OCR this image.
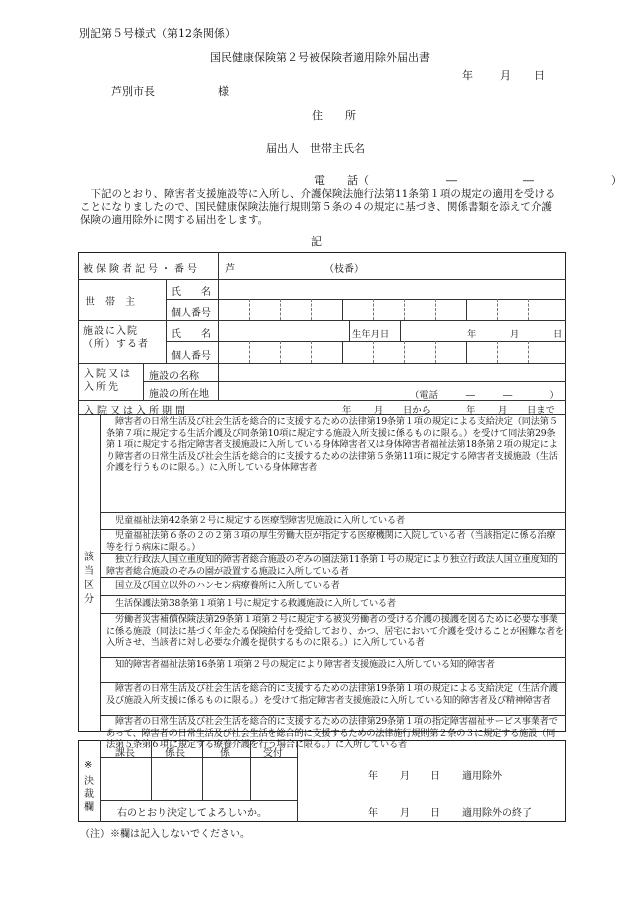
別記第５号様式（第12条関係）
国民健康保険第２号被保険者適用除外届出書
年 月 日
芦別市長	様
住　　所
届出人　世帯主氏名
電　　話（　　　　　　　―　　　　　　―　　　　　　　）
　下記のとおり、障害者支援施設等に入所し、介護保険法施行法第11条第１項の規定の適用を受けることになりましたので、国民健康保険法施行規則第５条の４の規定に基づき、関係書類を添えて介護保険の適用除外に関する届出をします。
記
被保険者記号・番号	芦	（枝番）
世　帯　主
氏　　名
個人番号
施設に入院（所）する者
氏　　名	生年月日	年	月	日
個人番号
入院又は入所先
施設の名称
施設の所在地	（電話　　　―　　　―　　　　）
入院又は入所期間	年 月 日から	年 月 日まで
該当区分
　障害者の日常生活及び社会生活を総合的に支援するための法律第19条第１項の規定による支給決定（同法第５条第７項に規定する生活介護及び同条第10項に規定する施設入所支援に係るものに限る。）を受けて同法第29条第１項に規定する指定障害者支援施設に入所している身体障害者又は身体障害者福祉法第18条第２項の規定により障害者の日常生活及び社会生活を総合的に支援するための法律第５条第11項に規定する障害者支援施設（生活介護を行うものに限る。）に入所している身体障害者
　児童福祉法第42条第２号に規定する医療型障害児施設に入所している者
　児童福祉法第６条の２の２第３項の厚生労働大臣が指定する医療機関に入院している者（当該指定に係る治療等を行う病床に限る。）
　独立行政法人国立重度知的障害者総合施設のぞみの園法第11条第１号の規定により独立行政法人国立重度知的障害者総合施設のぞみの園が設置する施設に入所している者
　国立及び国立以外のハンセン病療養所に入所している者
　生活保護法第38条第１項第１号に規定する救護施設に入所している者
　労働者災害補償保険法第29条第１項第２号に規定する被災労働者の受ける介護の援護を図るために必要な事業に係る施設（同法に基づく年金たる保険給付を受給しており、かつ、居宅において介護を受けることが困難な者を入所させ、当該者に対し必要な介護を提供するものに限る。）に入所している者
　知的障害者福祉法第16条第１項第２号の規定により障害者支援施設に入所している知的障害者
　障害者の日常生活及び社会生活を総合的に支援するための法律第19条第１項の規定による支給決定（生活介護及び施設入所支援に係るものに限る。）を受けて指定障害者支援施設に入所している知的障害者及び精神障害者
　障害者の日常生活及び社会生活を総合的に支援するための法律第29条第１項の指定障害福祉サービス事業者であって、障害者の日常生活及び社会生活を総合的に支援するための法律施行規則第２条の３に規定する施設（同法第５条第６項に規定する療養介護を行う場合に限る。）に入所している者
※
決裁欄
課長	係長	係	受付
右のとおり決定してよろしいか。
年 月 日 適用除外
年 月 日 適用除外の終了
（注）※欄は記入しないでください。
